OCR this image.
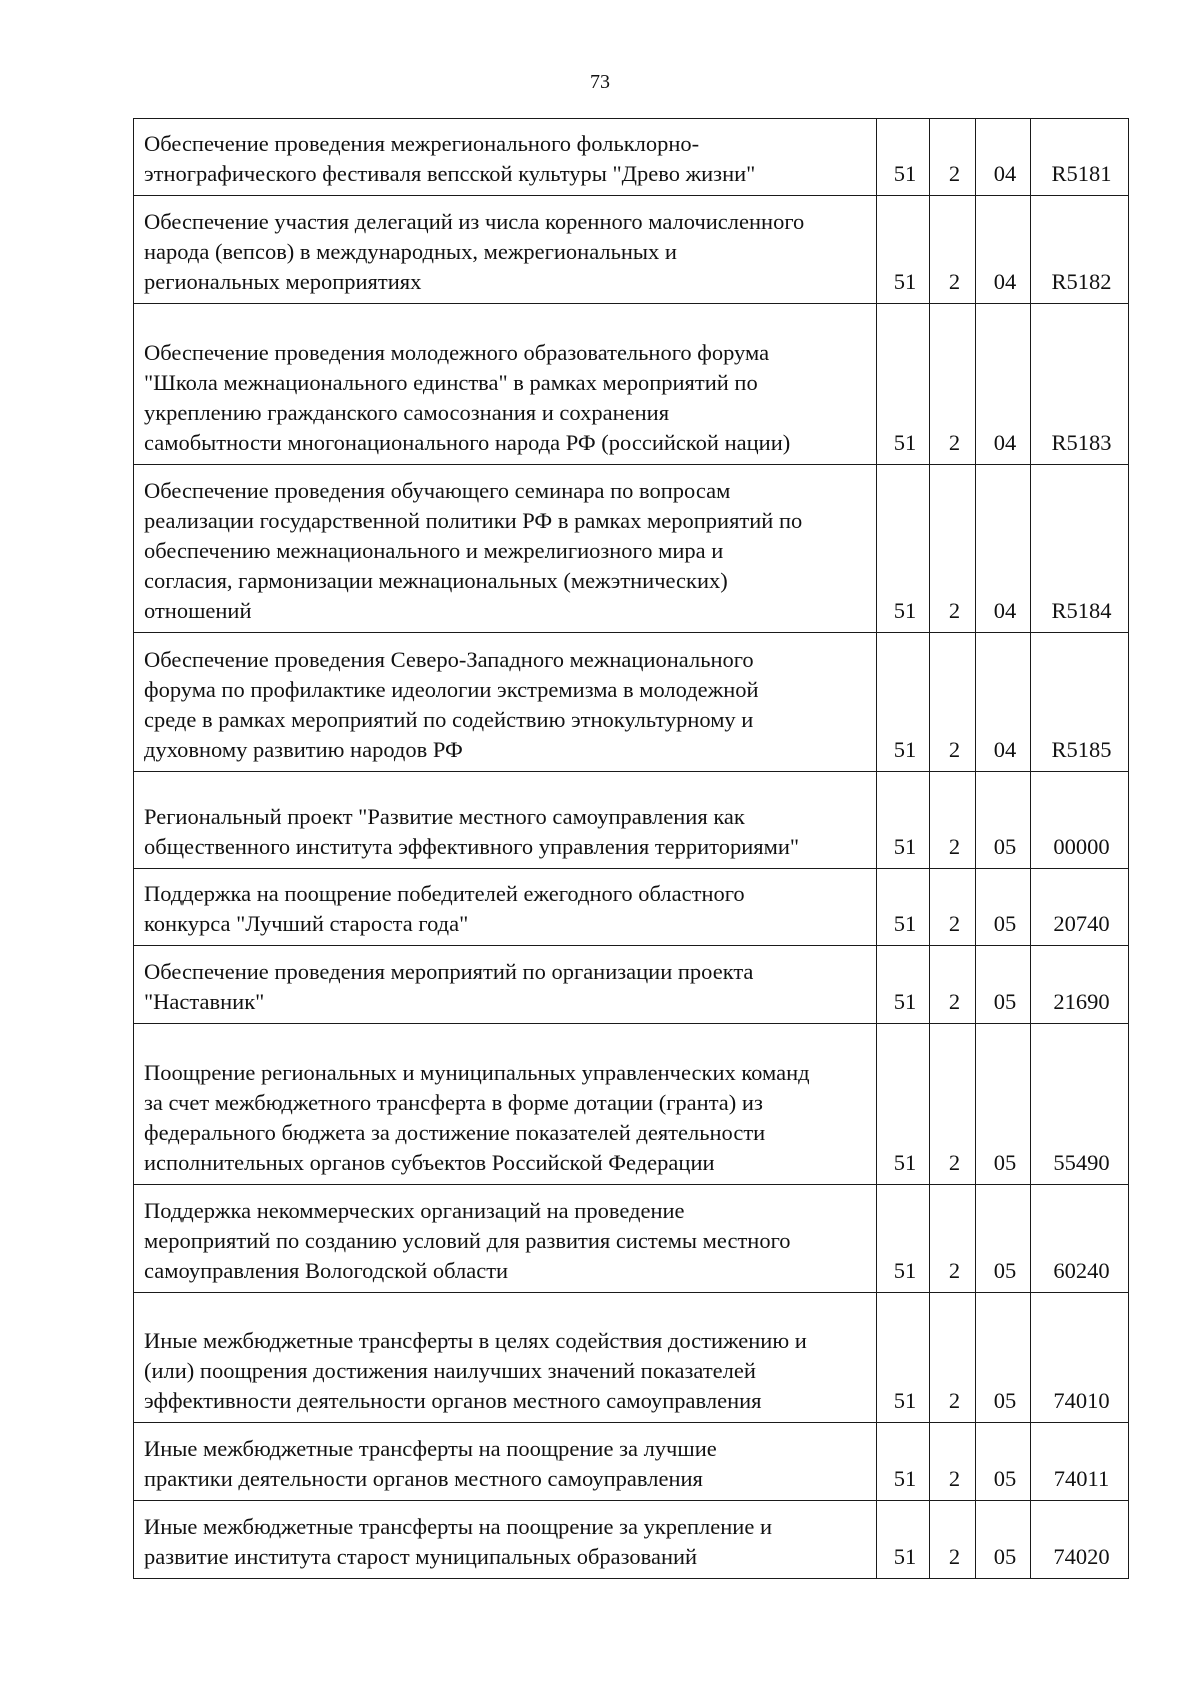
73
Обеспечение проведения межрегионального фольклорно-
этнографического фестиваля вепсской культуры "Древо жизни"	51	2	04	R5181
Обеспечение участия делегаций из числа коренного малочисленного
народа (вепсов) в международных, межрегиональных и
региональных мероприятиях	51	2	04	R5182
Обеспечение проведения молодежного образовательного форума
"Школа межнационального единства" в рамках мероприятий по
укреплению гражданского самосознания и сохранения
самобытности многонационального народа РФ (российской нации)	51	2	04	R5183
Обеспечение проведения обучающего семинара по вопросам
реализации государственной политики РФ в рамках мероприятий по
обеспечению межнационального и межрелигиозного мира и
согласия, гармонизации межнациональных (межэтнических)
отношений	51	2	04	R5184
Обеспечение проведения Северо-Западного межнационального
форума по профилактике идеологии экстремизма в молодежной
среде в рамках мероприятий по содействию этнокультурному и
духовному развитию народов РФ	51	2	04	R5185
Региональный проект "Развитие местного самоуправления как
общественного института эффективного управления территориями"	51	2	05	00000
Поддержка на поощрение победителей ежегодного областного
конкурса "Лучший староста года"	51	2	05	20740
Обеспечение проведения мероприятий по организации проекта
"Наставник"	51	2	05	21690
Поощрение региональных и муниципальных управленческих команд
за счет межбюджетного трансферта в форме дотации (гранта) из
федерального бюджета за достижение показателей деятельности
исполнительных органов субъектов Российской Федерации	51	2	05	55490
Поддержка некоммерческих организаций на проведение
мероприятий по созданию условий для развития системы местного
самоуправления Вологодской области	51	2	05	60240
Иные межбюджетные трансферты в целях содействия достижению и
(или) поощрения достижения наилучших значений показателей
эффективности деятельности органов местного самоуправления	51	2	05	74010
Иные межбюджетные трансферты на поощрение за лучшие
практики деятельности органов местного самоуправления	51	2	05	74011
Иные межбюджетные трансферты на поощрение за укрепление и
развитие института старост муниципальных образований	51	2	05	74020
